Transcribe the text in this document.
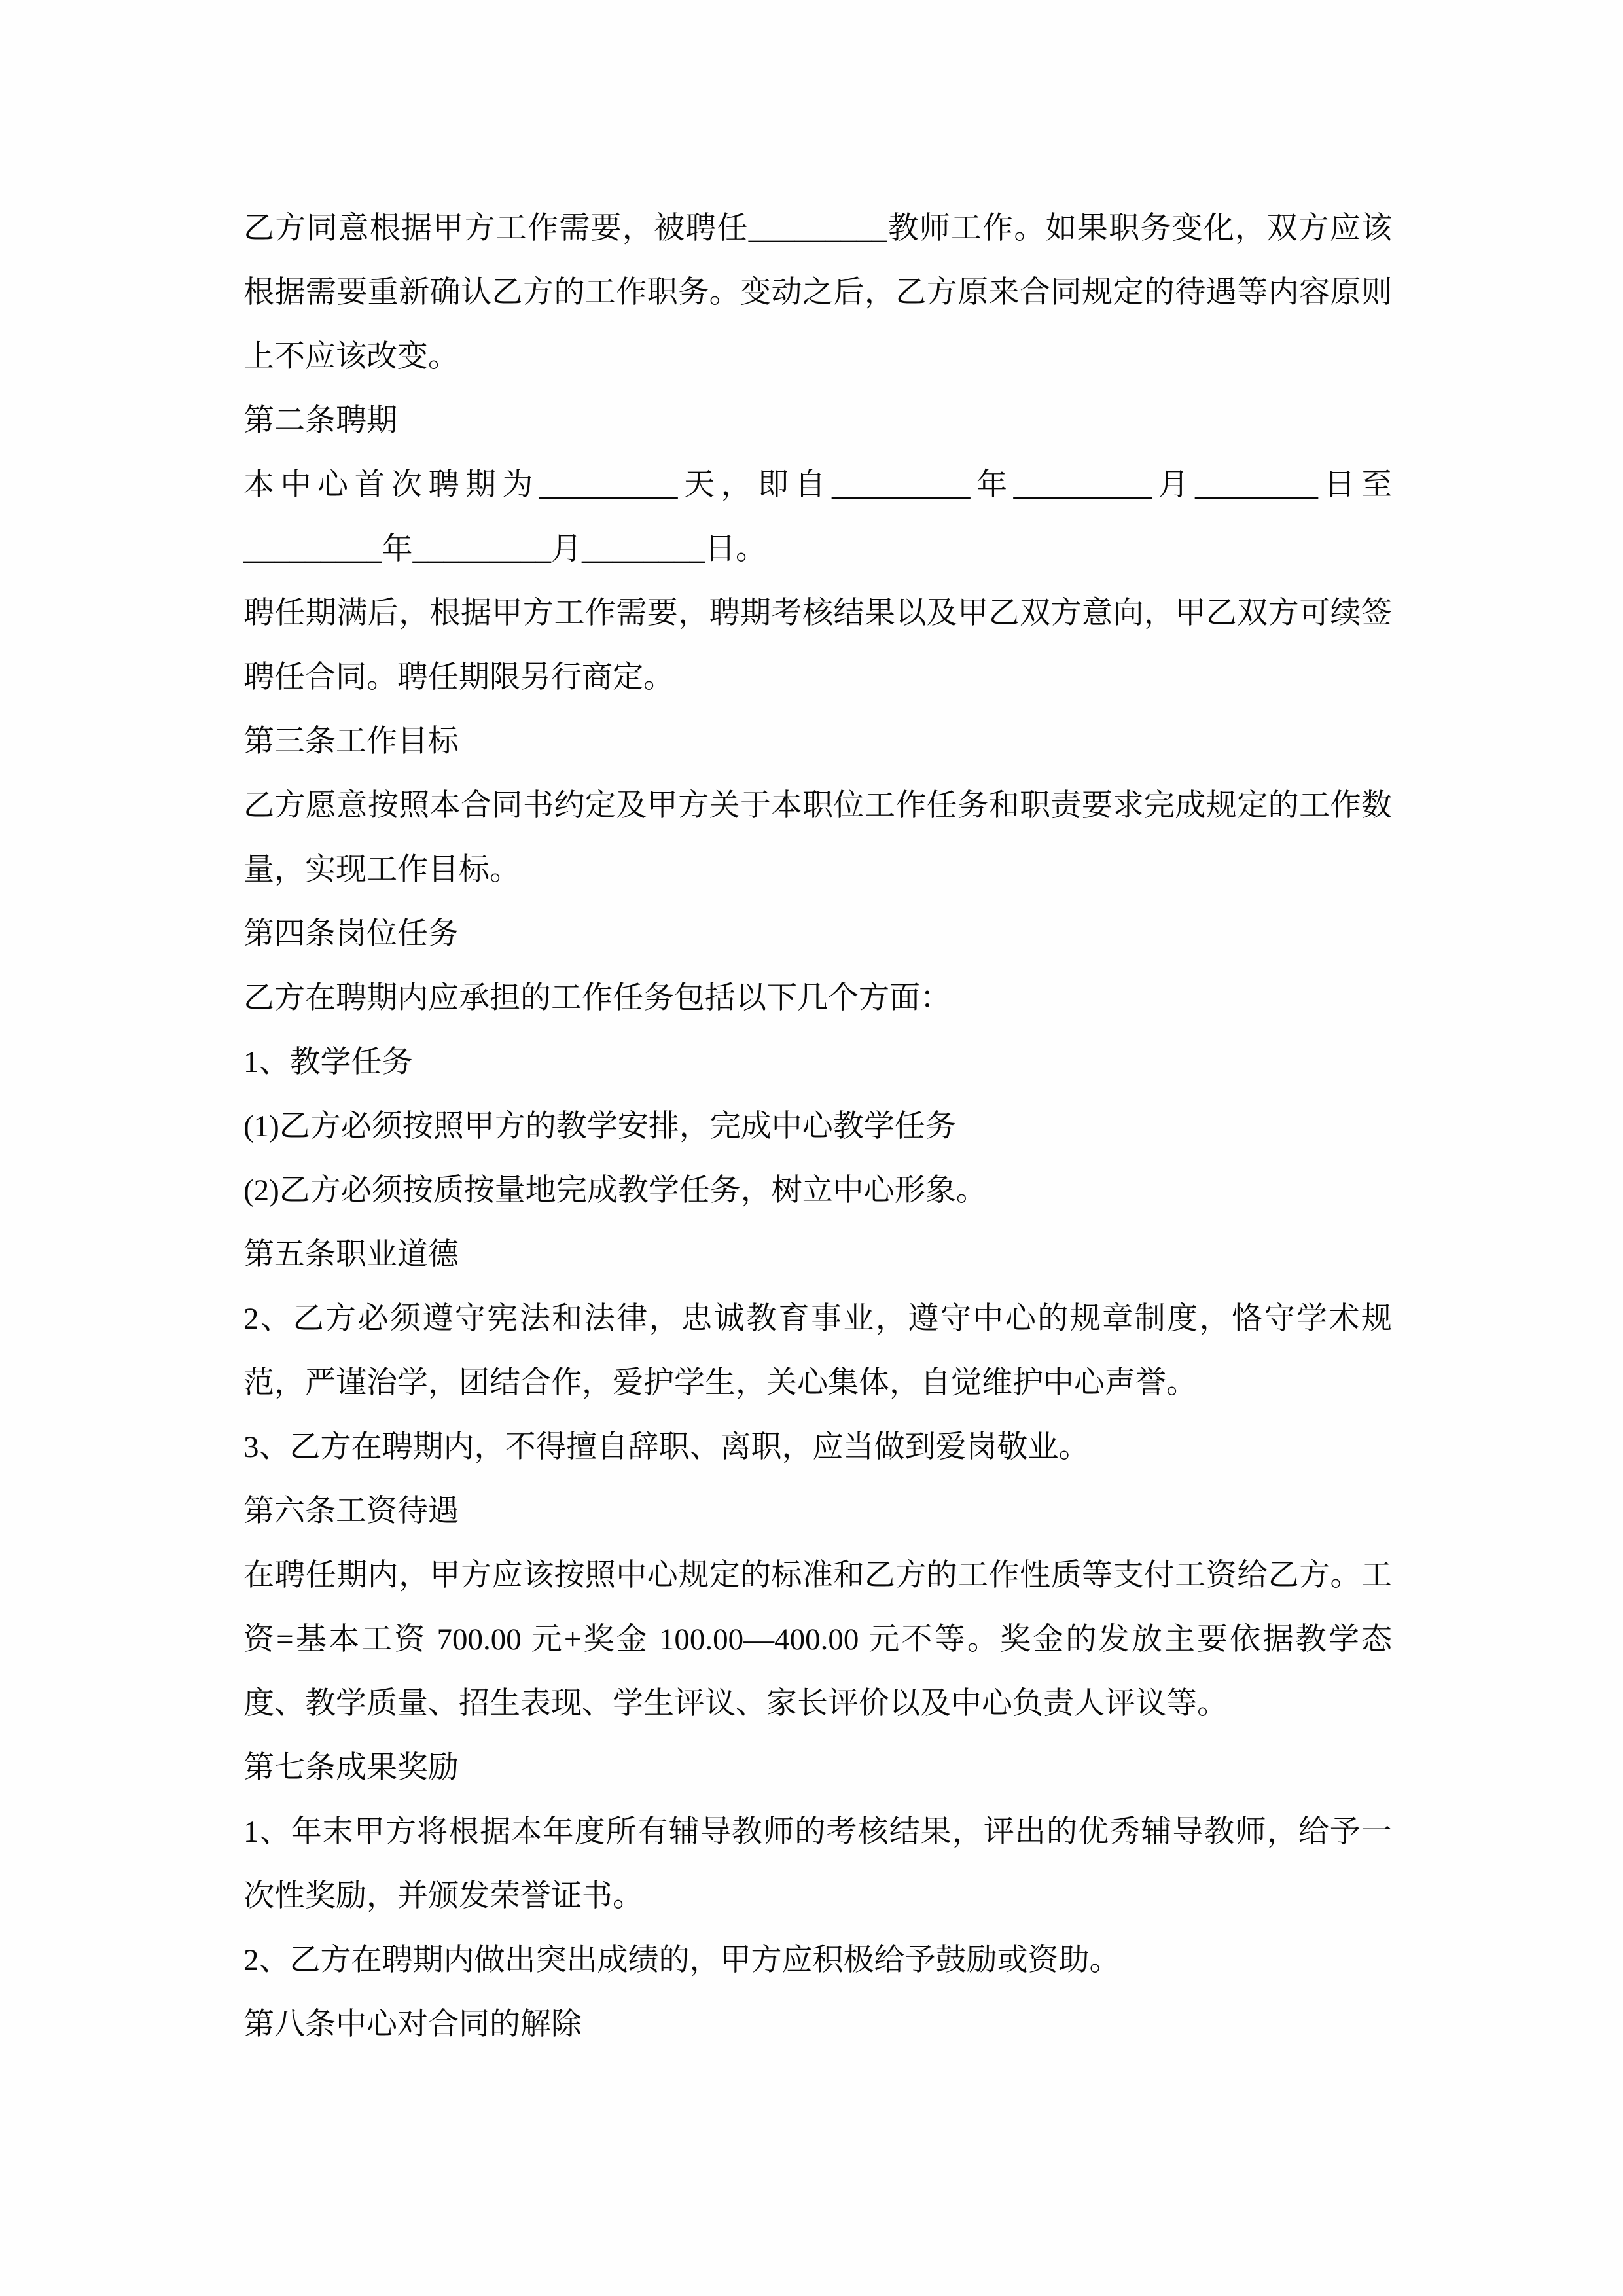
乙方同意根据甲方工作需要，被聘任_________教师工作。如果职务变化，双方应该根据需要重新确认乙方的工作职务。变动之后，乙方原来合同规定的待遇等内容原则上不应该改变。

第二条聘期

本中心首次聘期为_________天，即自_________年_________月________日至_________年_________月________日。

聘任期满后，根据甲方工作需要，聘期考核结果以及甲乙双方意向，甲乙双方可续签聘任合同。聘任期限另行商定。

第三条工作目标

乙方愿意按照本合同书约定及甲方关于本职位工作任务和职责要求完成规定的工作数量，实现工作目标。

第四条岗位任务

乙方在聘期内应承担的工作任务包括以下几个方面：

1、教学任务

(1)乙方必须按照甲方的教学安排，完成中心教学任务

(2)乙方必须按质按量地完成教学任务，树立中心形象。

第五条职业道德

2、乙方必须遵守宪法和法律，忠诚教育事业，遵守中心的规章制度，恪守学术规范，严谨治学，团结合作，爱护学生，关心集体，自觉维护中心声誉。

3、乙方在聘期内，不得擅自辞职、离职，应当做到爱岗敬业。

第六条工资待遇

在聘任期内，甲方应该按照中心规定的标准和乙方的工作性质等支付工资给乙方。工资=基本工资 700.00 元+奖金 100.00—400.00 元不等。奖金的发放主要依据教学态度、教学质量、招生表现、学生评议、家长评价以及中心负责人评议等。

第七条成果奖励

1、年末甲方将根据本年度所有辅导教师的考核结果，评出的优秀辅导教师，给予一次性奖励，并颁发荣誉证书。

2、乙方在聘期内做出突出成绩的，甲方应积极给予鼓励或资助。

第八条中心对合同的解除
